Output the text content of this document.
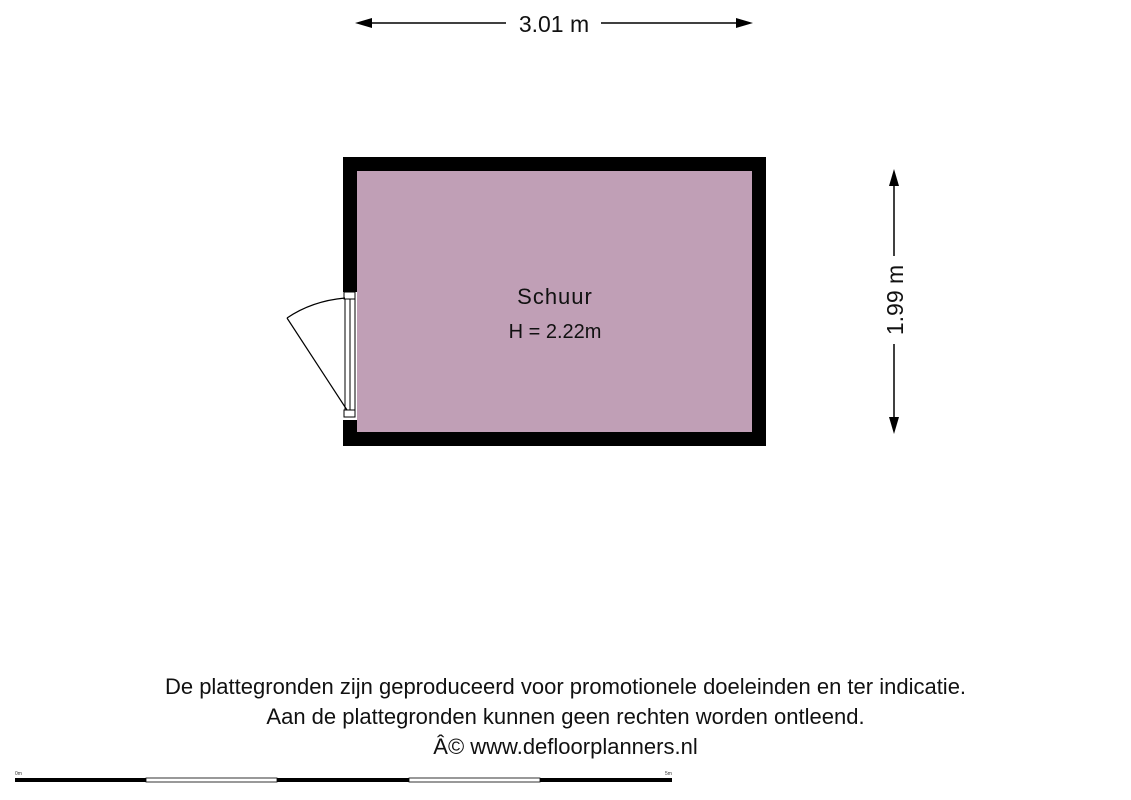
3.01 m
1.99 m
Schuur
H = 2.22m
0m	5m
De plattegronden zijn geproduceerd voor promotionele doeleinden en ter indicatie.
Aan de plattegronden kunnen geen rechten worden ontleend.
Â© www.defloorplanners.nl
